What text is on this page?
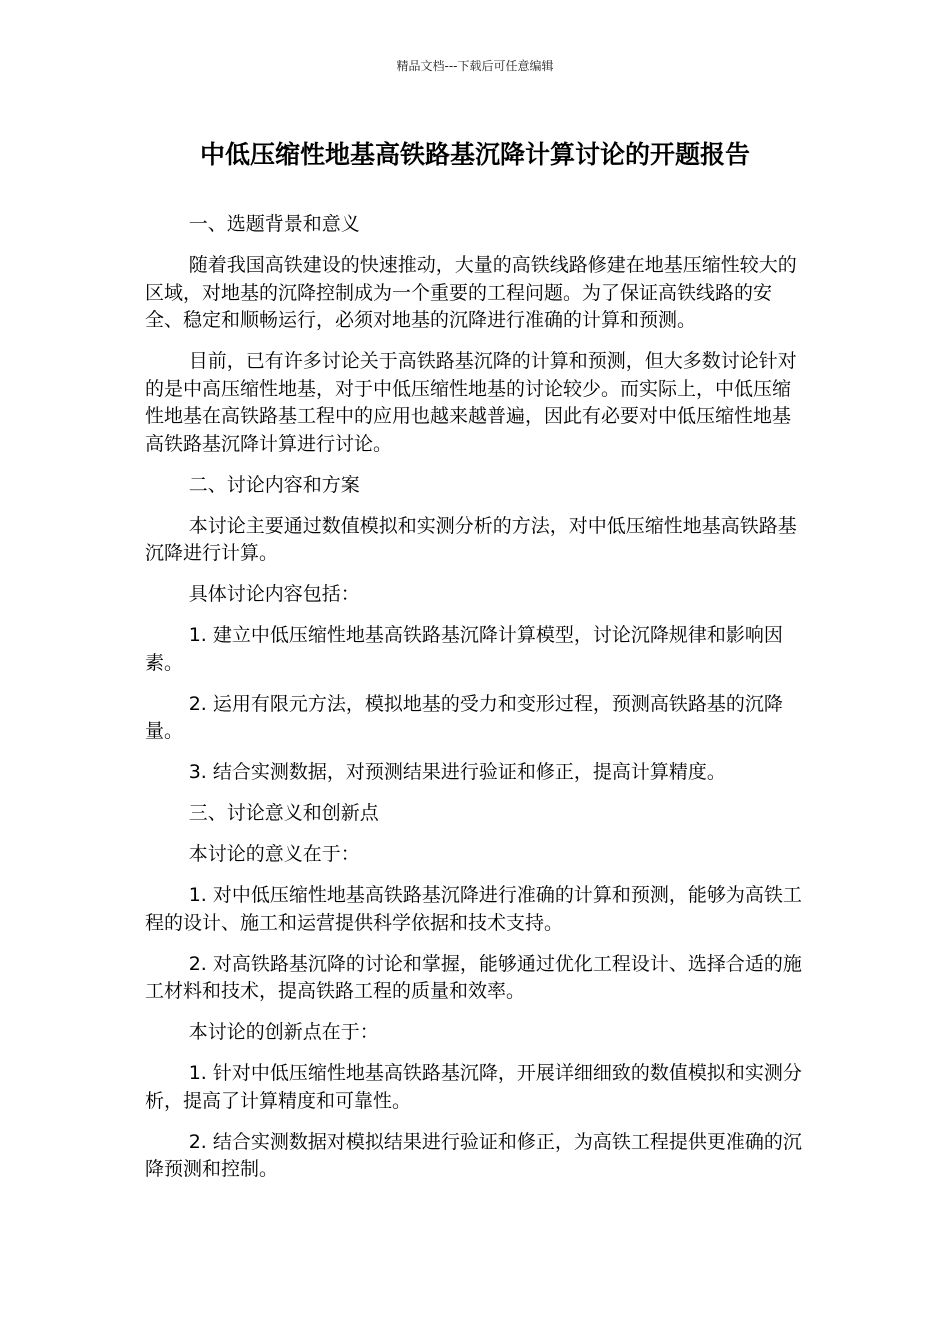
精品文档---下载后可任意编辑
中低压缩性地基高铁路基沉降计算讨论的开题报告

一、选题背景和意义

随着我国高铁建设的快速推动，大量的高铁线路修建在地基压缩性较大的区域，对地基的沉降控制成为一个重要的工程问题。为了保证高铁线路的安全、稳定和顺畅运行，必须对地基的沉降进行准确的计算和预测。

目前，已有许多讨论关于高铁路基沉降的计算和预测，但大多数讨论针对的是中高压缩性地基，对于中低压缩性地基的讨论较少。而实际上，中低压缩性地基在高铁路基工程中的应用也越来越普遍，因此有必要对中低压缩性地基高铁路基沉降计算进行讨论。

二、讨论内容和方案

本讨论主要通过数值模拟和实测分析的方法，对中低压缩性地基高铁路基沉降进行计算。

具体讨论内容包括：

1. 建立中低压缩性地基高铁路基沉降计算模型，讨论沉降规律和影响因素。

2. 运用有限元方法，模拟地基的受力和变形过程，预测高铁路基的沉降量。

3. 结合实测数据，对预测结果进行验证和修正，提高计算精度。

三、讨论意义和创新点

本讨论的意义在于：

1. 对中低压缩性地基高铁路基沉降进行准确的计算和预测，能够为高铁工程的设计、施工和运营提供科学依据和技术支持。

2. 对高铁路基沉降的讨论和掌握，能够通过优化工程设计、选择合适的施工材料和技术，提高铁路工程的质量和效率。

本讨论的创新点在于：

1. 针对中低压缩性地基高铁路基沉降，开展详细细致的数值模拟和实测分析，提高了计算精度和可靠性。

2. 结合实测数据对模拟结果进行验证和修正，为高铁工程提供更准确的沉降预测和控制。
